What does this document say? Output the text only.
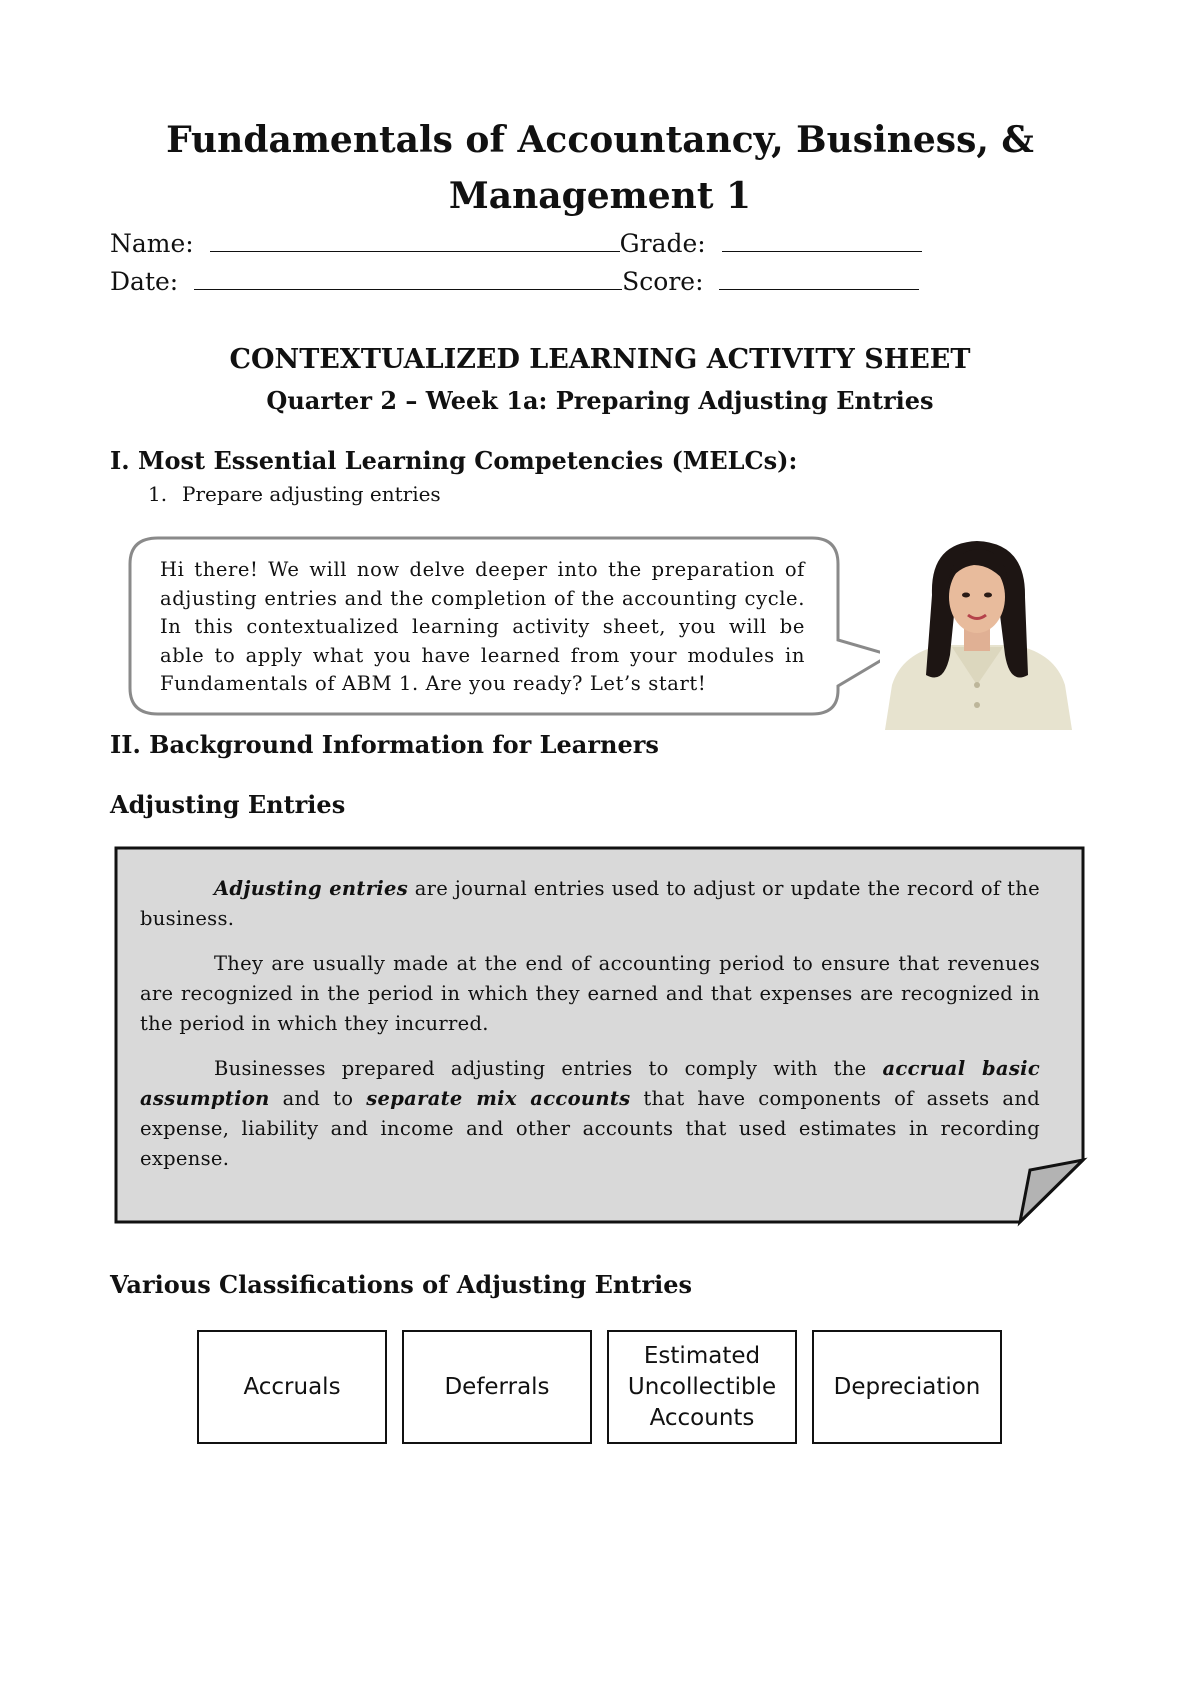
Fundamentals of Accountancy, Business, &
Management 1
Name:	Grade:
Date:	Score:
CONTEXTUALIZED LEARNING ACTIVITY SHEET
Quarter 2 – Week 1a: Preparing Adjusting Entries
I. Most Essential Learning Competencies (MELCs):
1. Prepare adjusting entries
Hi there! We will now delve deeper into the preparation of adjusting entries and the completion of the accounting cycle. In this contextualized learning activity sheet, you will be able to apply what you have learned from your modules in Fundamentals of ABM 1. Are you ready? Let’s start!
II. Background Information for Learners
Adjusting Entries

Adjusting entries are journal entries used to adjust or update the record of the business.

They are usually made at the end of accounting period to ensure that revenues are recognized in the period in which they earned and that expenses are recognized in the period in which they incurred.

Businesses prepared adjusting entries to comply with the accrual basic assumption and to separate mix accounts that have components of assets and expense, liability and income and other accounts that used estimates in recording expense.

Various Classifications of Adjusting Entries
Accruals	Deferrals
Estimated Uncollectible Accounts
Depreciation
